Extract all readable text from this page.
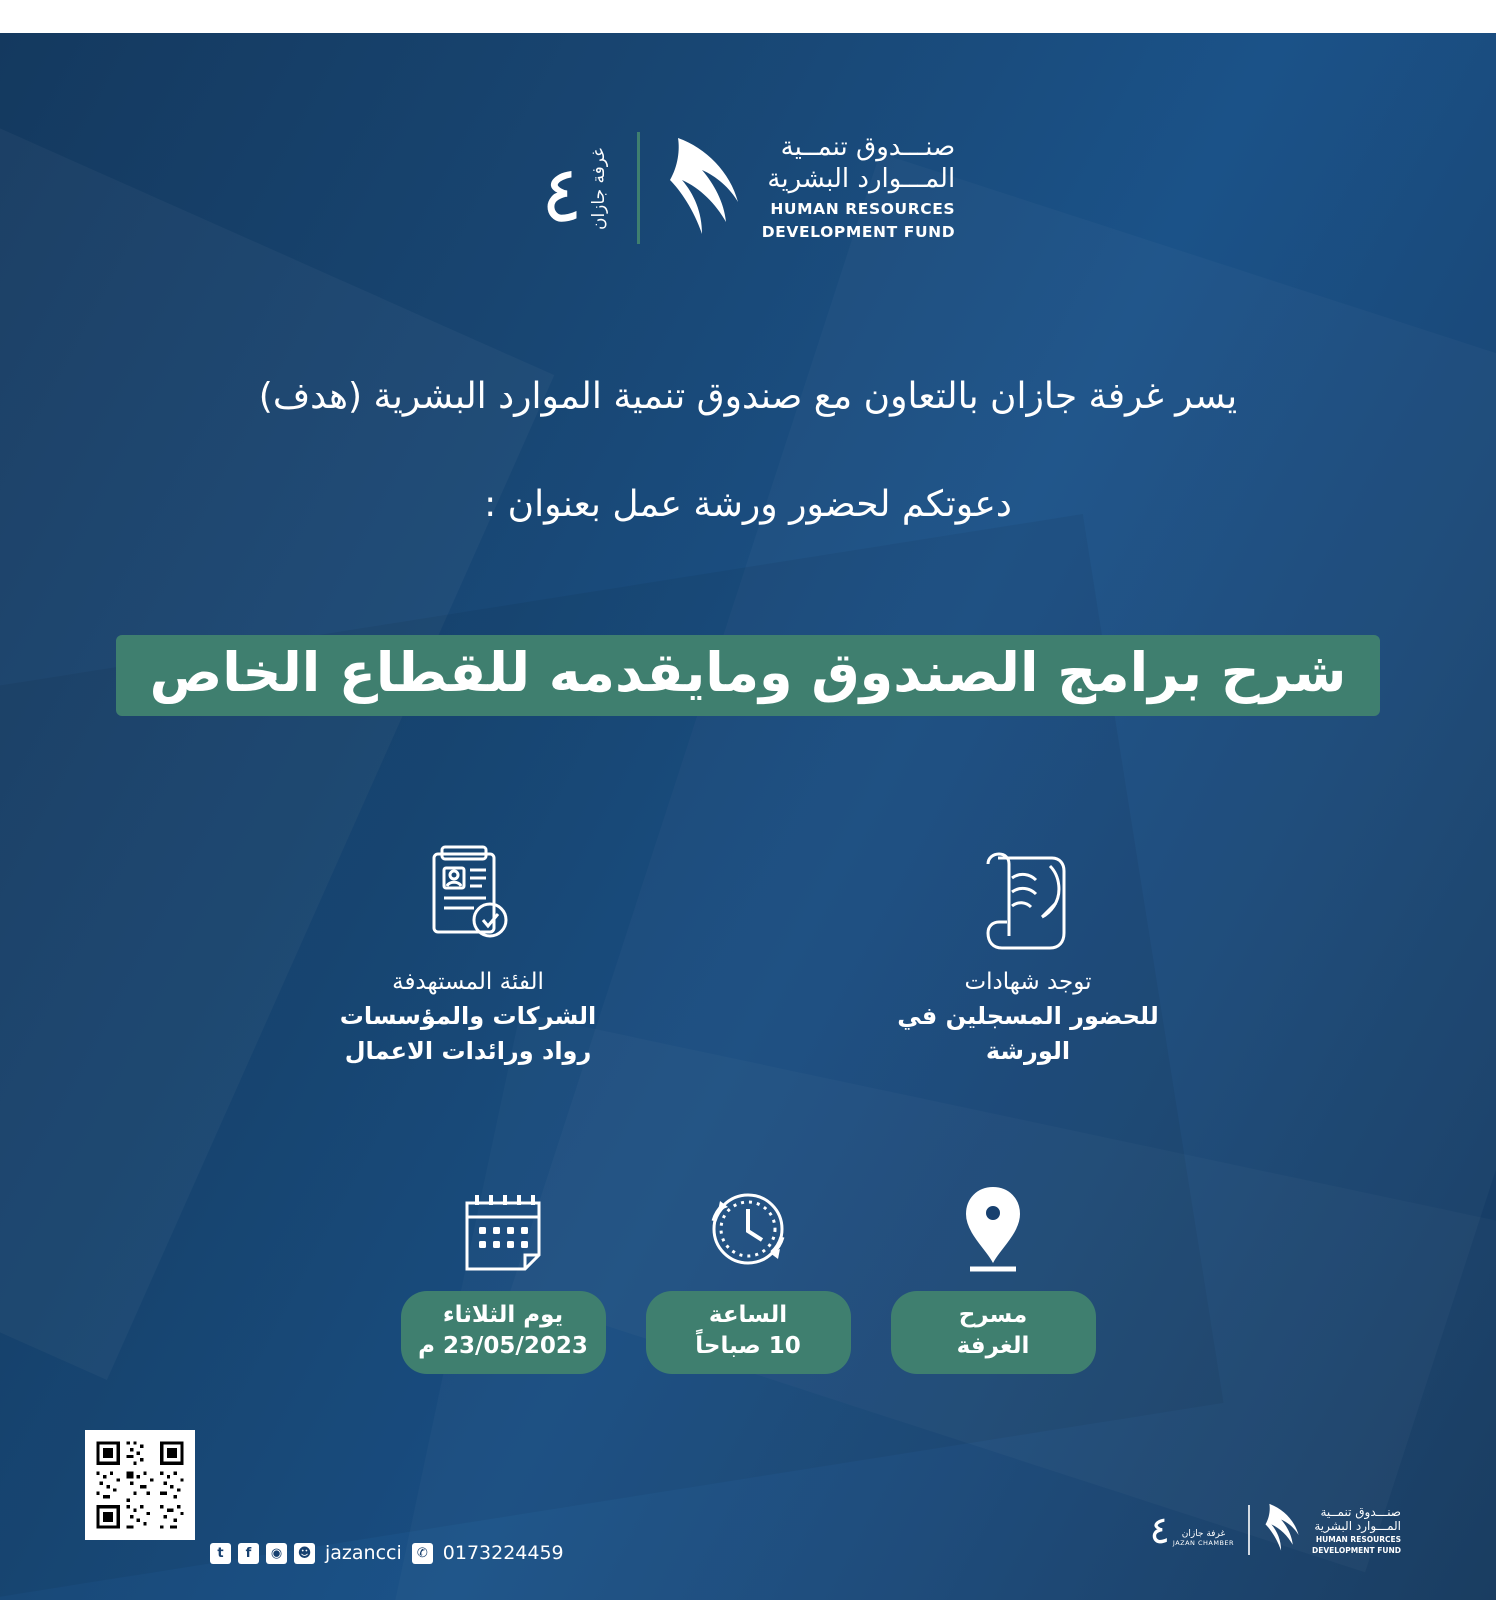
صنـــدوق تنمــية
المـــوارد البشرية
HUMAN RESOURCES
DEVELOPMENT FUND
غرفة جازان
٤
يسر غرفة جازان بالتعاون مع صندوق تنمية الموارد البشرية (هدف)
دعوتكم لحضور ورشة عمل بعنوان :
شرح برامج الصندوق ومايقدمه للقطاع الخاص
توجد شهادات
للحضور المسجلين في الورشة
الفئة المستهدفة
الشركات والمؤسسات
رواد ورائدات الاعمال
مسرح
الغرفة
الساعة
10 صباحاً
يوم الثلاثاء
23/05/2023 م
t	f	◉	☻ jazancci	✆ 0173224459
صنـــدوق تنمــية
المـــوارد البشرية
HUMAN RESOURCES
DEVELOPMENT FUND
غرفة جازان
JAZAN CHAMBER
٤
